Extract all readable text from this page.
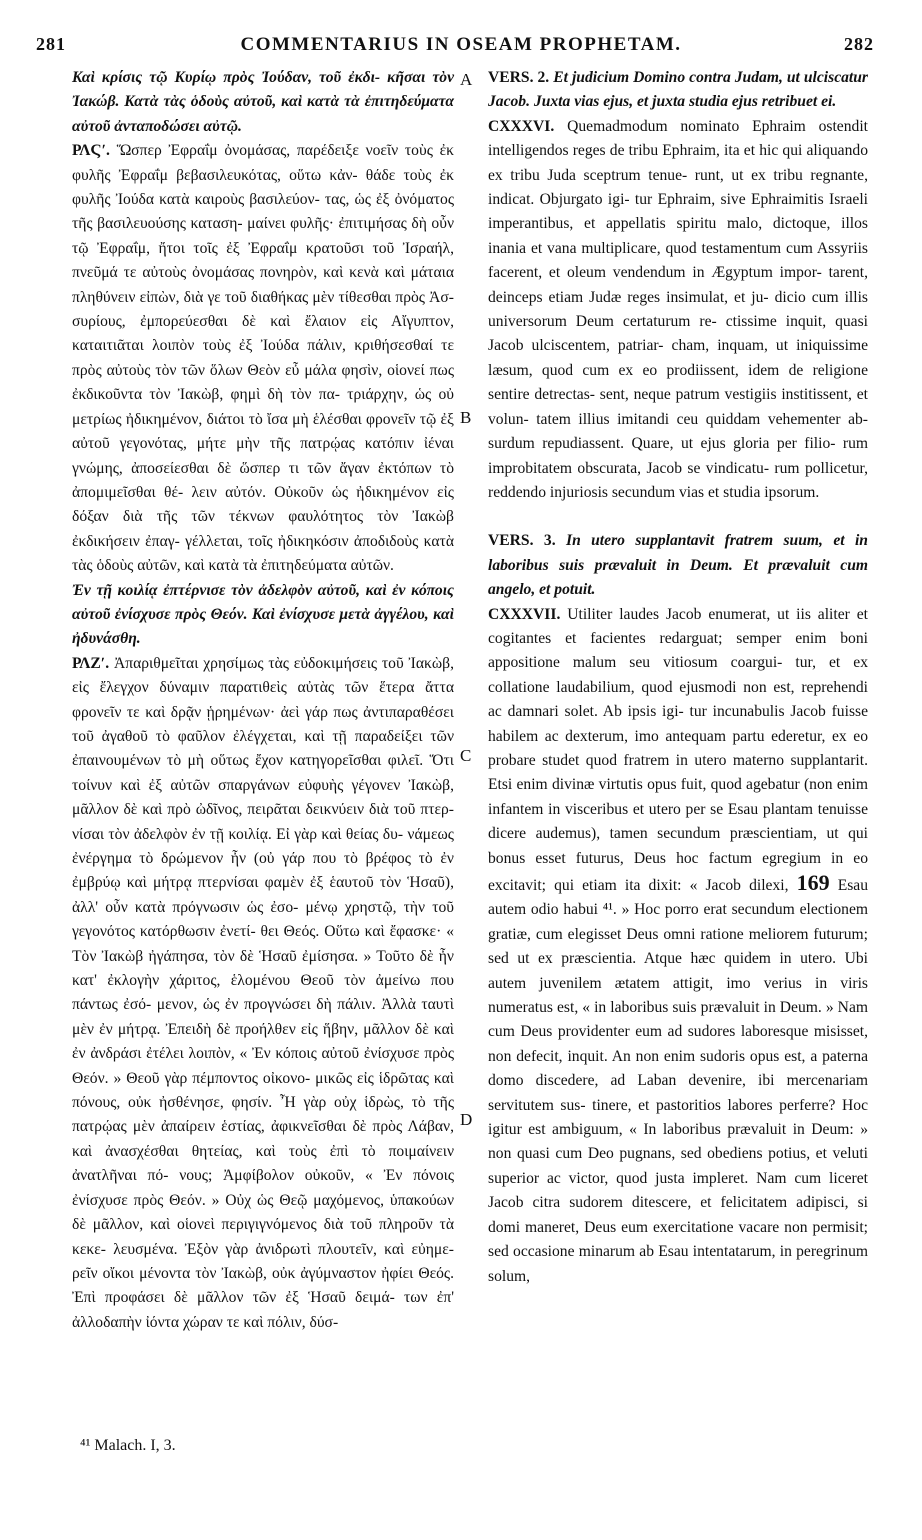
281	COMMENTARIUS IN OSEAM PROPHETAM.	282

Καὶ κρίσις τῷ Κυρίῳ πρὸς Ἰούδαν, τοῦ ἐκδι- κῆσαι τὸν Ἰακώβ. Κατὰ τὰς ὁδοὺς αὐτοῦ, καὶ κατὰ τὰ ἐπιτηδεύματα αὐτοῦ ἀνταποδώσει αὐτῷ.

ΡΛϚʹ. Ὥσπερ Ἐφραΐμ ὀνομάσας, παρέδειξε νοεῖν τοὺς ἐκ φυλῆς Ἐφραΐμ βεβασιλευκότας, οὕτω κἀν- θάδε τοὺς ἐκ φυλῆς Ἰούδα κατὰ καιροὺς βασιλεύον- τας, ὡς ἐξ ὀνόματος τῆς βασιλευούσης καταση- μαίνει φυλῆς· ἐπιτιμήσας δὴ οὖν τῷ Ἐφραΐμ, ἤτοι τοῖς ἐξ Ἐφραΐμ κρατοῦσι τοῦ Ἰσραήλ, πνεῦμά τε αὐτοὺς ὀνομάσας πονηρὸν, καὶ κενὰ καὶ μάταια πληθύνειν εἰπὼν, διὰ γε τοῦ διαθήκας μὲν τίθεσθαι πρὸς Ἀσ- συρίους, ἐμπορεύεσθαι δὲ καὶ ἔλαιον εἰς Αἴγυπτον, καταιτιᾶται λοιπὸν τοὺς ἐξ Ἰούδα πάλιν, κριθήσεσθαί τε πρὸς αὐτοὺς τὸν τῶν ὅλων Θεὸν εὖ μάλα φησὶν, οἱονεί πως ἐκδικοῦντα τὸν Ἰακὼβ, φημὶ δὴ τὸν πα- τριάρχην, ὡς οὐ μετρίως ἠδικημένον, διάτοι τὸ ἴσα μὴ ἑλέσθαι φρονεῖν τῷ ἐξ αὐτοῦ γεγονότας, μήτε μὴν τῆς πατρῴας κατόπιν ἰέναι γνώμης, ἀποσείεσθαι δὲ ὥσπερ τι τῶν ἄγαν ἐκτόπων τὸ ἀπομιμεῖσθαι θέ- λειν αὐτόν. Οὐκοῦν ὡς ἠδικημένον εἰς δόξαν διὰ τῆς τῶν τέκνων φαυλότητος τὸν Ἰακὼβ ἐκδικήσειν ἐπαγ- γέλλεται, τοῖς ἠδικηκόσιν ἀποδιδοὺς κατὰ τὰς ὁδοὺς αὐτῶν, καὶ κατὰ τὰ ἐπιτηδεύματα αὐτῶν.

Ἐν τῇ κοιλίᾳ ἐπτέρνισε τὸν ἀδελφὸν αὐτοῦ, καὶ ἐν κόποις αὐτοῦ ἐνίσχυσε πρὸς Θεόν. Καὶ ἐνίσχυσε μετὰ ἀγγέλου, καὶ ἠδυνάσθη.

ΡΛΖʹ. Ἀπαριθμεῖται χρησίμως τὰς εὐδοκιμήσεις τοῦ Ἰακὼβ, εἰς ἔλεγχον δύναμιν παρατιθεὶς αὐτὰς τῶν ἕτερα ἄττα φρονεῖν τε καὶ δρᾷν ᾑρημένων· ἀεὶ γάρ πως ἀντιπαραθέσει τοῦ ἀγαθοῦ τὸ φαῦλον ἐλέγχεται, καὶ τῇ παραδείξει τῶν ἐπαινουμένων τὸ μὴ οὕτως ἔχον κατηγορεῖσθαι φιλεῖ. Ὅτι τοίνυν καὶ ἐξ αὐτῶν σπαργάνων εὐφυὴς γέγονεν Ἰακὼβ, μᾶλλον δὲ καὶ πρὸ ὠδῖνος, πειρᾶται δεικνύειν διὰ τοῦ πτερ- νίσαι τὸν ἀδελφὸν ἐν τῇ κοιλίᾳ. Εἰ γὰρ καὶ θείας δυ- νάμεως ἐνέργημα τὸ δρώμενον ἦν (οὐ γάρ που τὸ βρέφος τὸ ἐν ἐμβρύῳ καὶ μήτρᾳ πτερνίσαι φαμὲν ἐξ ἑαυτοῦ τὸν Ἡσαῦ), ἀλλ' οὖν κατὰ πρόγνωσιν ὡς ἐσο- μένῳ χρηστῷ, τὴν τοῦ γεγονότος κατόρθωσιν ἐνετί- θει Θεός. Οὕτω καὶ ἔφασκε· « Τὸν Ἰακὼβ ἠγάπησα, τὸν δὲ Ἡσαῦ ἐμίσησα. » Τοῦτο δὲ ἦν κατ' ἐκλογὴν χάριτος, ἑλομένου Θεοῦ τὸν ἀμείνω που πάντως ἐσό- μενον, ὡς ἐν προγνώσει δὴ πάλιν. Ἀλλὰ ταυτὶ μὲν ἐν μήτρᾳ. Ἐπειδὴ δὲ προήλθεν εἰς ἥβην, μᾶλλον δὲ καὶ ἐν ἀνδράσι ἐτέλει λοιπὸν, « Ἐν κόποις αὐτοῦ ἐνίσχυσε πρὸς Θεόν. » Θεοῦ γὰρ πέμποντος οἰκονο- μικῶς εἰς ἱδρῶτας καὶ πόνους, οὐκ ἠσθένησε, φησίν. Ἦ γὰρ οὐχ ἱδρὼς, τὸ τῆς πατρῴας μὲν ἀπαίρειν ἑστίας, ἀφικνεῖσθαι δὲ πρὸς Λάβαν, καὶ ἀνασχέσθαι θητείας, καὶ τοὺς ἐπὶ τὸ ποιμαίνειν ἀνατλῆναι πό- νους; Ἀμφίβολον οὐκοῦν, « Ἐν πόνοις ἐνίσχυσε πρὸς Θεόν. » Οὐχ ὡς Θεῷ μαχόμενος, ὑπακούων δὲ μᾶλλον, καὶ οἱονεὶ περιγιγνόμενος διὰ τοῦ πληροῦν τὰ κεκε- λευσμένα. Ἐξὸν γὰρ ἀνιδρωτὶ πλουτεῖν, καὶ εὐημε- ρεῖν οἴκοι μένοντα τὸν Ἰακὼβ, οὐκ ἀγύμναστον ἠφίει Θεός. Ἐπὶ προφάσει δὲ μᾶλλον τῶν ἐξ Ἡσαῦ δειμά- των ἐπ' ἀλλοδαπὴν ἰόντα χώραν τε καὶ πόλιν, δύσ-

VERS. 2. Et judicium Domino contra Judam, ut ulciscatur Jacob. Juxta vias ejus, et juxta studia ejus retribuet ei.

CXXXVI. Quemadmodum nominato Ephraim ostendit intelligendos reges de tribu Ephraim, ita et hic qui aliquando ex tribu Juda sceptrum tenue- runt, ut ex tribu regnante, indicat. Objurgato igi- tur Ephraim, sive Ephraimitis Israeli imperantibus, et appellatis spiritu malo, dictoque, illos inania et vana multiplicare, quod testamentum cum Assyriis facerent, et oleum vendendum in Ægyptum impor- tarent, deinceps etiam Judæ reges insimulat, et ju- dicio cum illis universorum Deum certaturum re- ctissime inquit, quasi Jacob ulciscentem, patriar- cham, inquam, ut iniquissime læsum, quod cum ex eo prodiissent, idem de religione sentire detrectas- sent, neque patrum vestigiis institissent, et volun- tatem illius imitandi ceu quiddam vehementer ab- surdum repudiassent. Quare, ut ejus gloria per filio- rum improbitatem obscurata, Jacob se vindicatu- rum pollicetur, reddendo injuriosis secundum vias et studia ipsorum.

VERS. 3. In utero supplantavit fratrem suum, et in laboribus suis prævaluit in Deum. Et prævaluit cum angelo, et potuit.

CXXXVII. Utiliter laudes Jacob enumerat, ut iis aliter et cogitantes et facientes redarguat; semper enim boni appositione malum seu vitiosum coargui- tur, et ex collatione laudabilium, quod ejusmodi non est, reprehendi ac damnari solet. Ab ipsis igi- tur incunabulis Jacob fuisse habilem ac dexterum, imo antequam partu ederetur, ex eo probare studet quod fratrem in utero materno supplantarit. Etsi enim divinæ virtutis opus fuit, quod agebatur (non enim infantem in visceribus et utero per se Esau plantam tenuisse dicere audemus), tamen secundum præscientiam, ut qui bonus esset futurus, Deus hoc factum egregium in eo excitavit; qui etiam ita dixit: « Jacob dilexi, 169 Esau autem odio habui ⁴¹. » Hoc porro erat secundum electionem gratiæ, cum elegisset Deus omni ratione meliorem futurum; sed ut ex præscientia. Atque hæc quidem in utero. Ubi autem juvenilem ætatem attigit, imo verius in viris numeratus est, « in laboribus suis prævaluit in Deum. » Nam cum Deus providenter eum ad sudores laboresque misisset, non defecit, inquit. An non enim sudoris opus est, a paterna domo discedere, ad Laban devenire, ibi mercenariam servitutem sus- tinere, et pastoritios labores perferre? Hoc igitur est ambiguum, « In laboribus prævaluit in Deum: » non quasi cum Deo pugnans, sed obediens potius, et veluti superior ac victor, quod justa impleret. Nam cum liceret Jacob citra sudorem ditescere, et felicitatem adipisci, si domi maneret, Deus eum exercitatione vacare non permisit; sed occasione minarum ab Esau intentatarum, in peregrinum solum,

A
B
C
D
⁴¹ Malach. I, 3.
